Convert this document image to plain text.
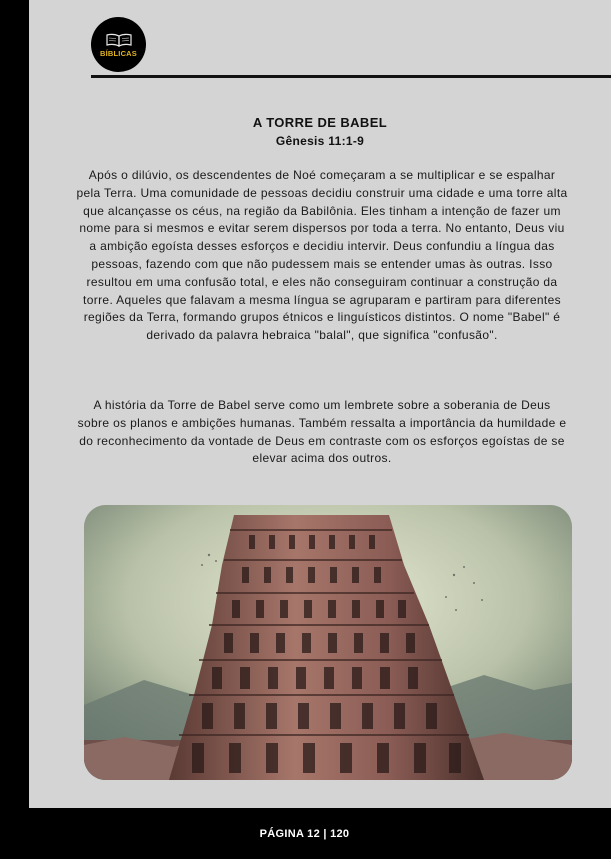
BÍBLICAS
A TORRE DE BABEL
Gênesis 11:1-9

Após o dilúvio, os descendentes de Noé começaram a se multiplicar e se espalhar pela Terra. Uma comunidade de pessoas decidiu construir uma cidade e uma torre alta que alcançasse os céus, na região da Babilônia. Eles tinham a intenção de fazer um nome para si mesmos e evitar serem dispersos por toda a terra. No entanto, Deus viu a ambição egoísta desses esforços e decidiu intervir. Deus confundiu a língua das pessoas, fazendo com que não pudessem mais se entender umas às outras. Isso resultou em uma confusão total, e eles não conseguiram continuar a construção da torre. Aqueles que falavam a mesma língua se agruparam e partiram para diferentes regiões da Terra, formando grupos étnicos e linguísticos distintos. O nome "Babel" é derivado da palavra hebraica "balal", que significa "confusão".

A história da Torre de Babel serve como um lembrete sobre a soberania de Deus sobre os planos e ambições humanas. Também ressalta a importância da humildade e do reconhecimento da vontade de Deus em contraste com os esforços egoístas de se elevar acima dos outros.

PÁGINA 12 | 120
